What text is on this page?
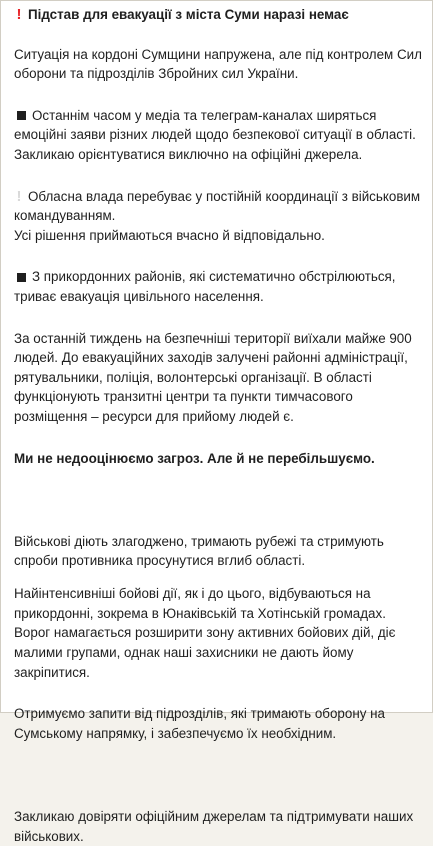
! Підстав для евакуації з міста Суми наразі немає

Ситуація на кордоні Сумщини напружена, але під контролем Сил оборони та підрозділів Збройних сил України.

Останнім часом у медіа та телеграм-каналах ширяться емоційні заяви різних людей щодо безпекової ситуації в області. Закликаю орієнтуватися виключно на офіційні джерела.

! Обласна влада перебуває у постійній координації з військовим командуванням.
Усі рішення приймаються вчасно й відповідально.

З прикордонних районів, які систематично обстрілюються, триває евакуація цивільного населення.

За останній тиждень на безпечніші території виїхали майже 900 людей. До евакуаційних заходів залучені районні адміністрації, рятувальники, поліція, волонтерські організації. В області функціонують транзитні центри та пункти тимчасового розміщення – ресурси для прийому людей є.

Ми не недооцінюємо загроз. Але й не перебільшуємо.

Військові діють злагоджено, тримають рубежі та стримують спроби противника просунутися вглиб області.

Найінтенсивніші бойові дії, як і до цього, відбуваються на прикордонні, зокрема в Юнаківській та Хотінській громадах. Ворог намагається розширити зону активних бойових дій, діє малими групами, однак наші захисники не дають йому закріпитися.

Отримуємо запити від підрозділів, які тримають оборону на Сумському напрямку, і забезпечуємо їх необхідним.

Закликаю довіряти офіційним джерелам та підтримувати наших військових.
